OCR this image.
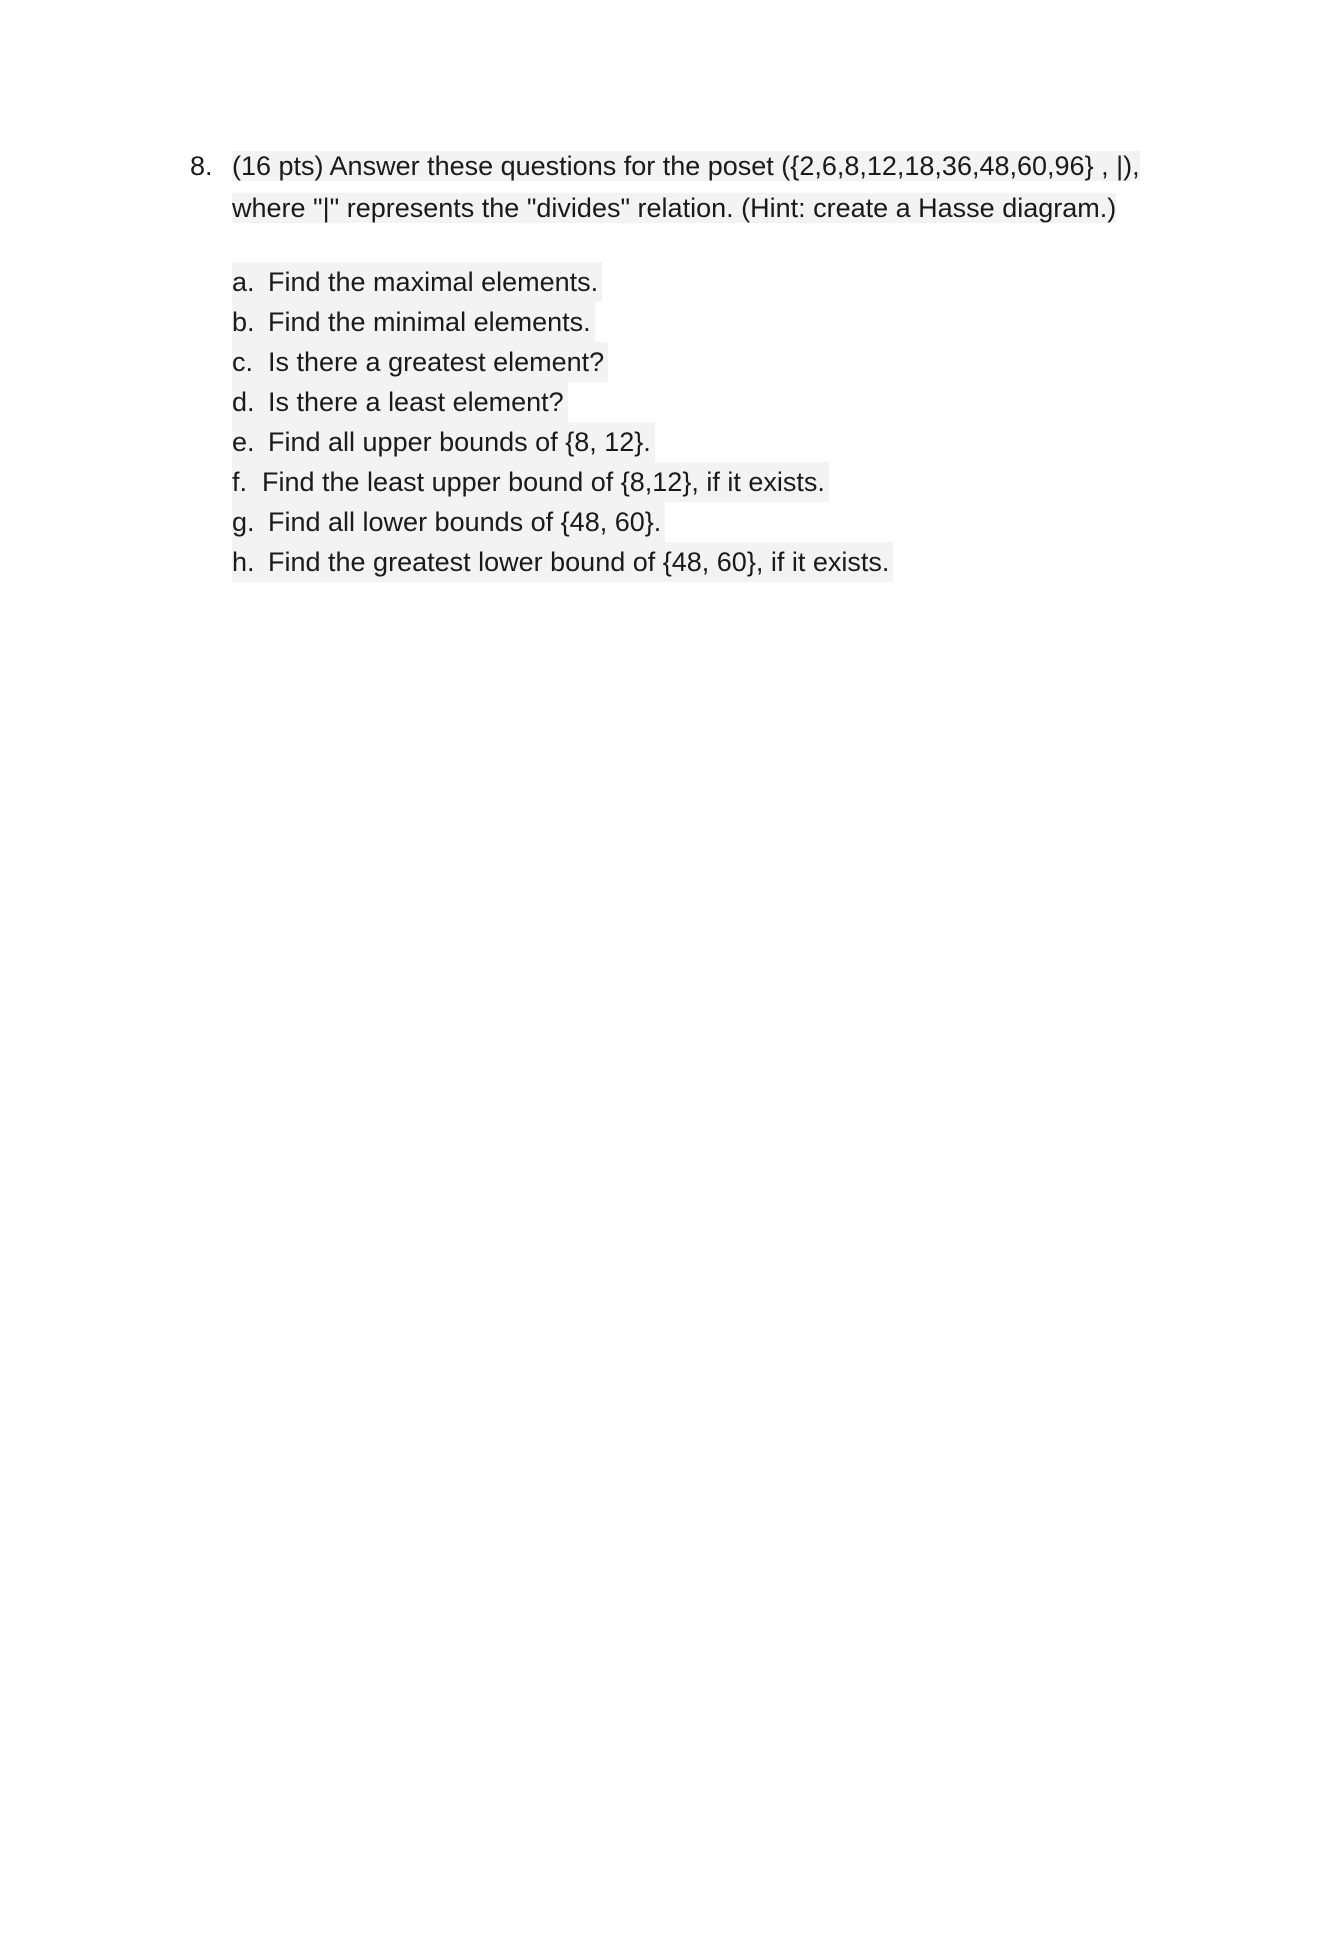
8. (16 pts) Answer these questions for the poset ({2,6,8,12,18,36,48,60,96} , |),
where "|" represents the "divides" relation. (Hint: create a Hasse diagram.)
a. Find the maximal elements.
b. Find the minimal elements.
c. Is there a greatest element?
d. Is there a least element?
e. Find all upper bounds of {8, 12}.
f. Find the least upper bound of {8,12}, if it exists.
g. Find all lower bounds of {48, 60}.
h. Find the greatest lower bound of {48, 60}, if it exists.
